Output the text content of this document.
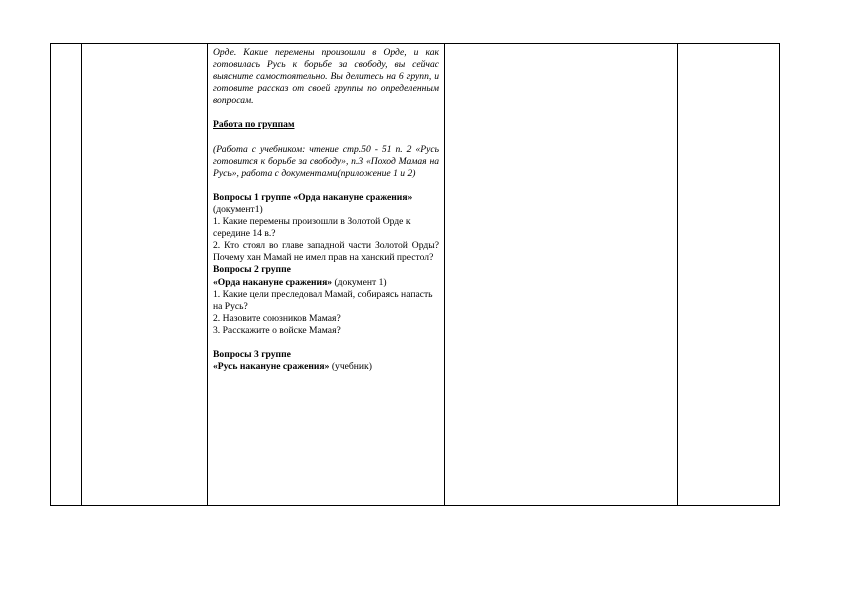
Орде. Какие перемены произошли в Орде, и как готовилась Русь к борьбе за свободу, вы сейчас выясните самостоятельно. Вы делитесь на 6 групп, и готовите рассказ от своей группы по определенным вопросам.

Работа по группам

(Работа с учебником: чтение стр.50 - 51 п. 2 «Русь готовится к борьбе за свободу», п.3 «Поход Мамая на Русь», работа с документами(приложение 1 и 2)

Вопросы 1 группе «Орда накануне сражения» (документ1)

1. Какие перемены произошли в Золотой Орде к середине 14 в.?

2. Кто стоял во главе западной части Золотой Орды? Почему хан Мамай не имел прав на ханский престол?

Вопросы 2 группе

«Орда накануне сражения» (документ 1)

1. Какие цели преследовал Мамай, собираясь напасть на Русь?

2. Назовите союзников Мамая?

3. Расскажите о войске Мамая?

Вопросы 3 группе

«Русь накануне сражения» (учебник)
